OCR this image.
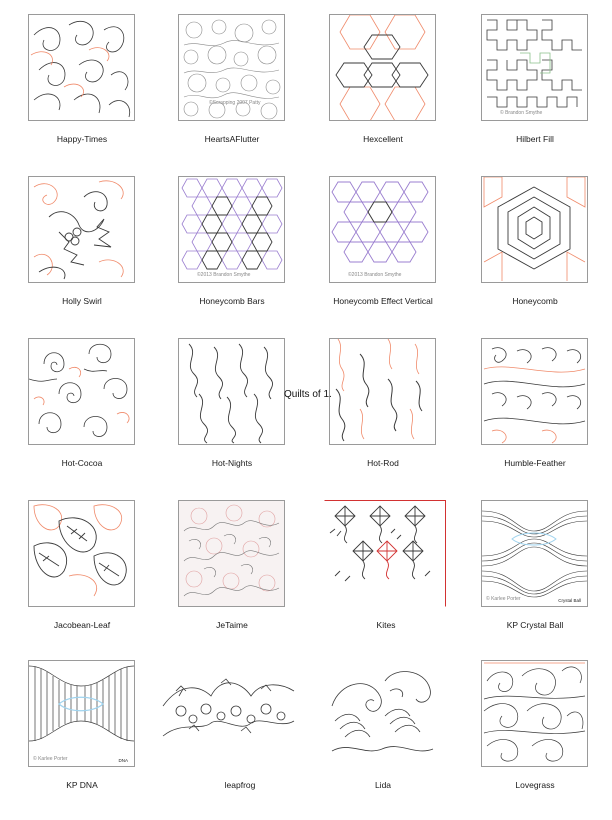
Happy-Times
©Scrapping 2007 Patty
HeartsAFlutter	Hexcellent
© Brandon Smythe
Hilbert Fill
Holly Swirl
©2013 Brandon Smythe
Honeycomb Bars
©2013 Brandon Smythe
Honeycomb Effect Vertical	Honeycomb
Hot-Cocoa	Hot-Nights	Hot-Rod	Humble-Feather
Jacobean-Leaf	JeTaime	Kites
© Karlee Porter	Crystal Ball
KP Crystal Ball
© Karlee Porter	DNA
KP DNA	leapfrog	Lida	Lovegrass
Quilts of 1.
